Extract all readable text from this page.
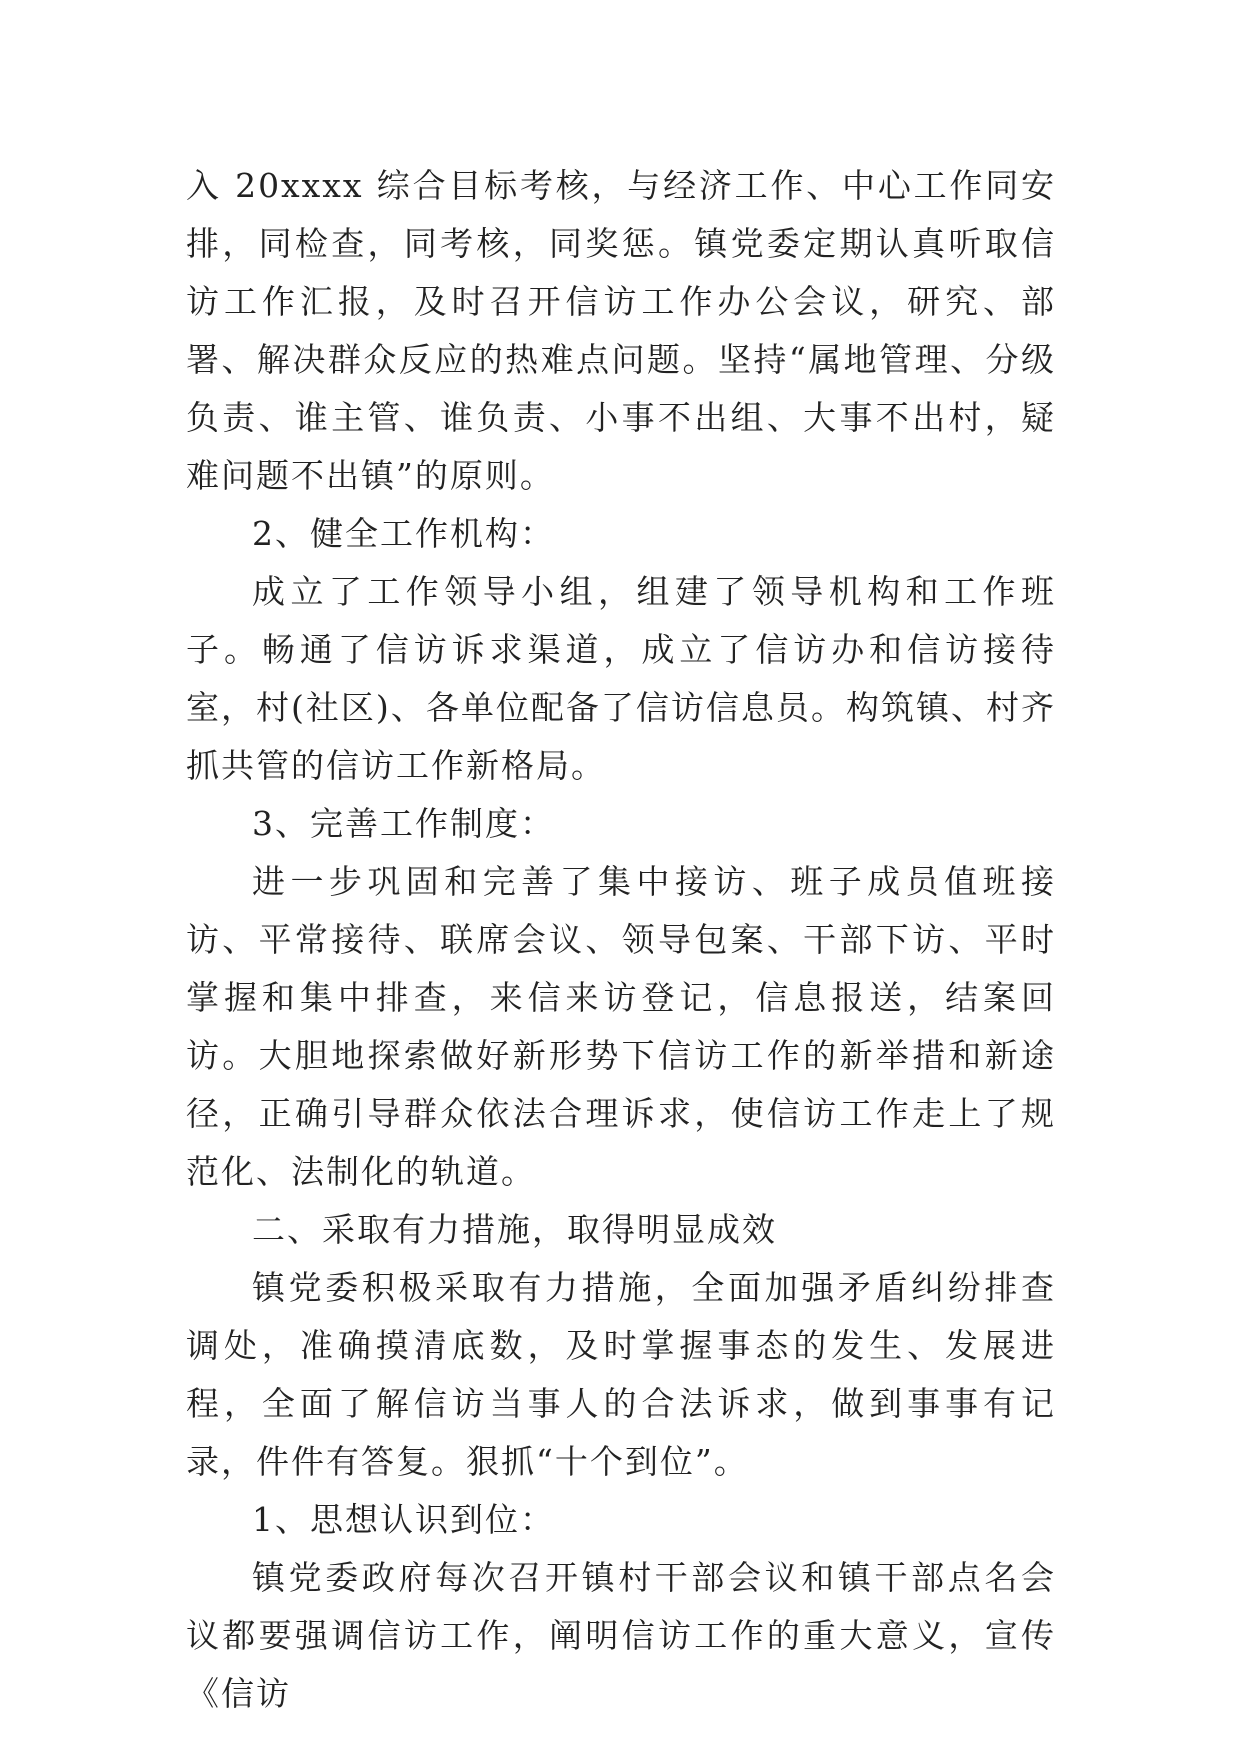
入 20xxxx 综合目标考核，与经济工作、中心工作同安排，同检查，同考核，同奖惩。镇党委定期认真听取信访工作汇报，及时召开信访工作办公会议，研究、部署、解决群众反应的热难点问题。坚持“属地管理、分级负责、谁主管、谁负责、小事不出组、大事不出村，疑难问题不出镇”的原则。

2、健全工作机构：

成立了工作领导小组，组建了领导机构和工作班子。畅通了信访诉求渠道，成立了信访办和信访接待室，村(社区)、各单位配备了信访信息员。构筑镇、村齐抓共管的信访工作新格局。

3、完善工作制度：

进一步巩固和完善了集中接访、班子成员值班接访、平常接待、联席会议、领导包案、干部下访、平时掌握和集中排查，来信来访登记，信息报送，结案回访。大胆地探索做好新形势下信访工作的新举措和新途径，正确引导群众依法合理诉求，使信访工作走上了规范化、法制化的轨道。

二、采取有力措施，取得明显成效

镇党委积极采取有力措施，全面加强矛盾纠纷排查调处，准确摸清底数，及时掌握事态的发生、发展进程，全面了解信访当事人的合法诉求，做到事事有记录，件件有答复。狠抓“十个到位”。

1、思想认识到位：

镇党委政府每次召开镇村干部会议和镇干部点名会议都要强调信访工作，阐明信访工作的重大意义，宣传《信访
